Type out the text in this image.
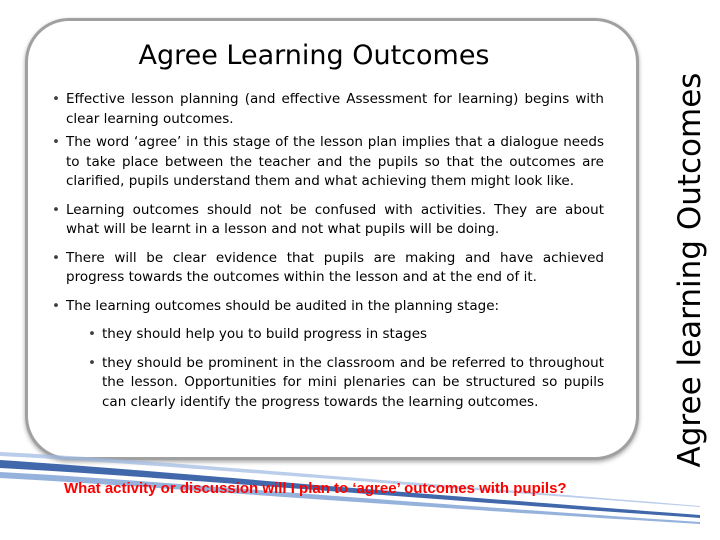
Agree Learning Outcomes
• Effective lesson planning (and effective Assessment for learning) begins with clear learning outcomes.
• The word ‘agree’ in this stage of the lesson plan implies that a dialogue needs to take place between the teacher and the pupils so that the outcomes are clarified, pupils understand them and what achieving them might look like.
• Learning outcomes should not be confused with activities. They are about what will be learnt in a lesson and not what pupils will be doing.
• There will be clear evidence that pupils are making and have achieved progress towards the outcomes within the lesson and at the end of it.
• The learning outcomes should be audited in the planning stage:
• they should help you to build progress in stages
• they should be prominent in the classroom and be referred to throughout the lesson. Opportunities for mini plenaries can be structured so pupils can clearly identify the progress towards the learning outcomes.	Agree learning Outcomes
What activity or discussion will I plan to ‘agree’ outcomes with pupils?
